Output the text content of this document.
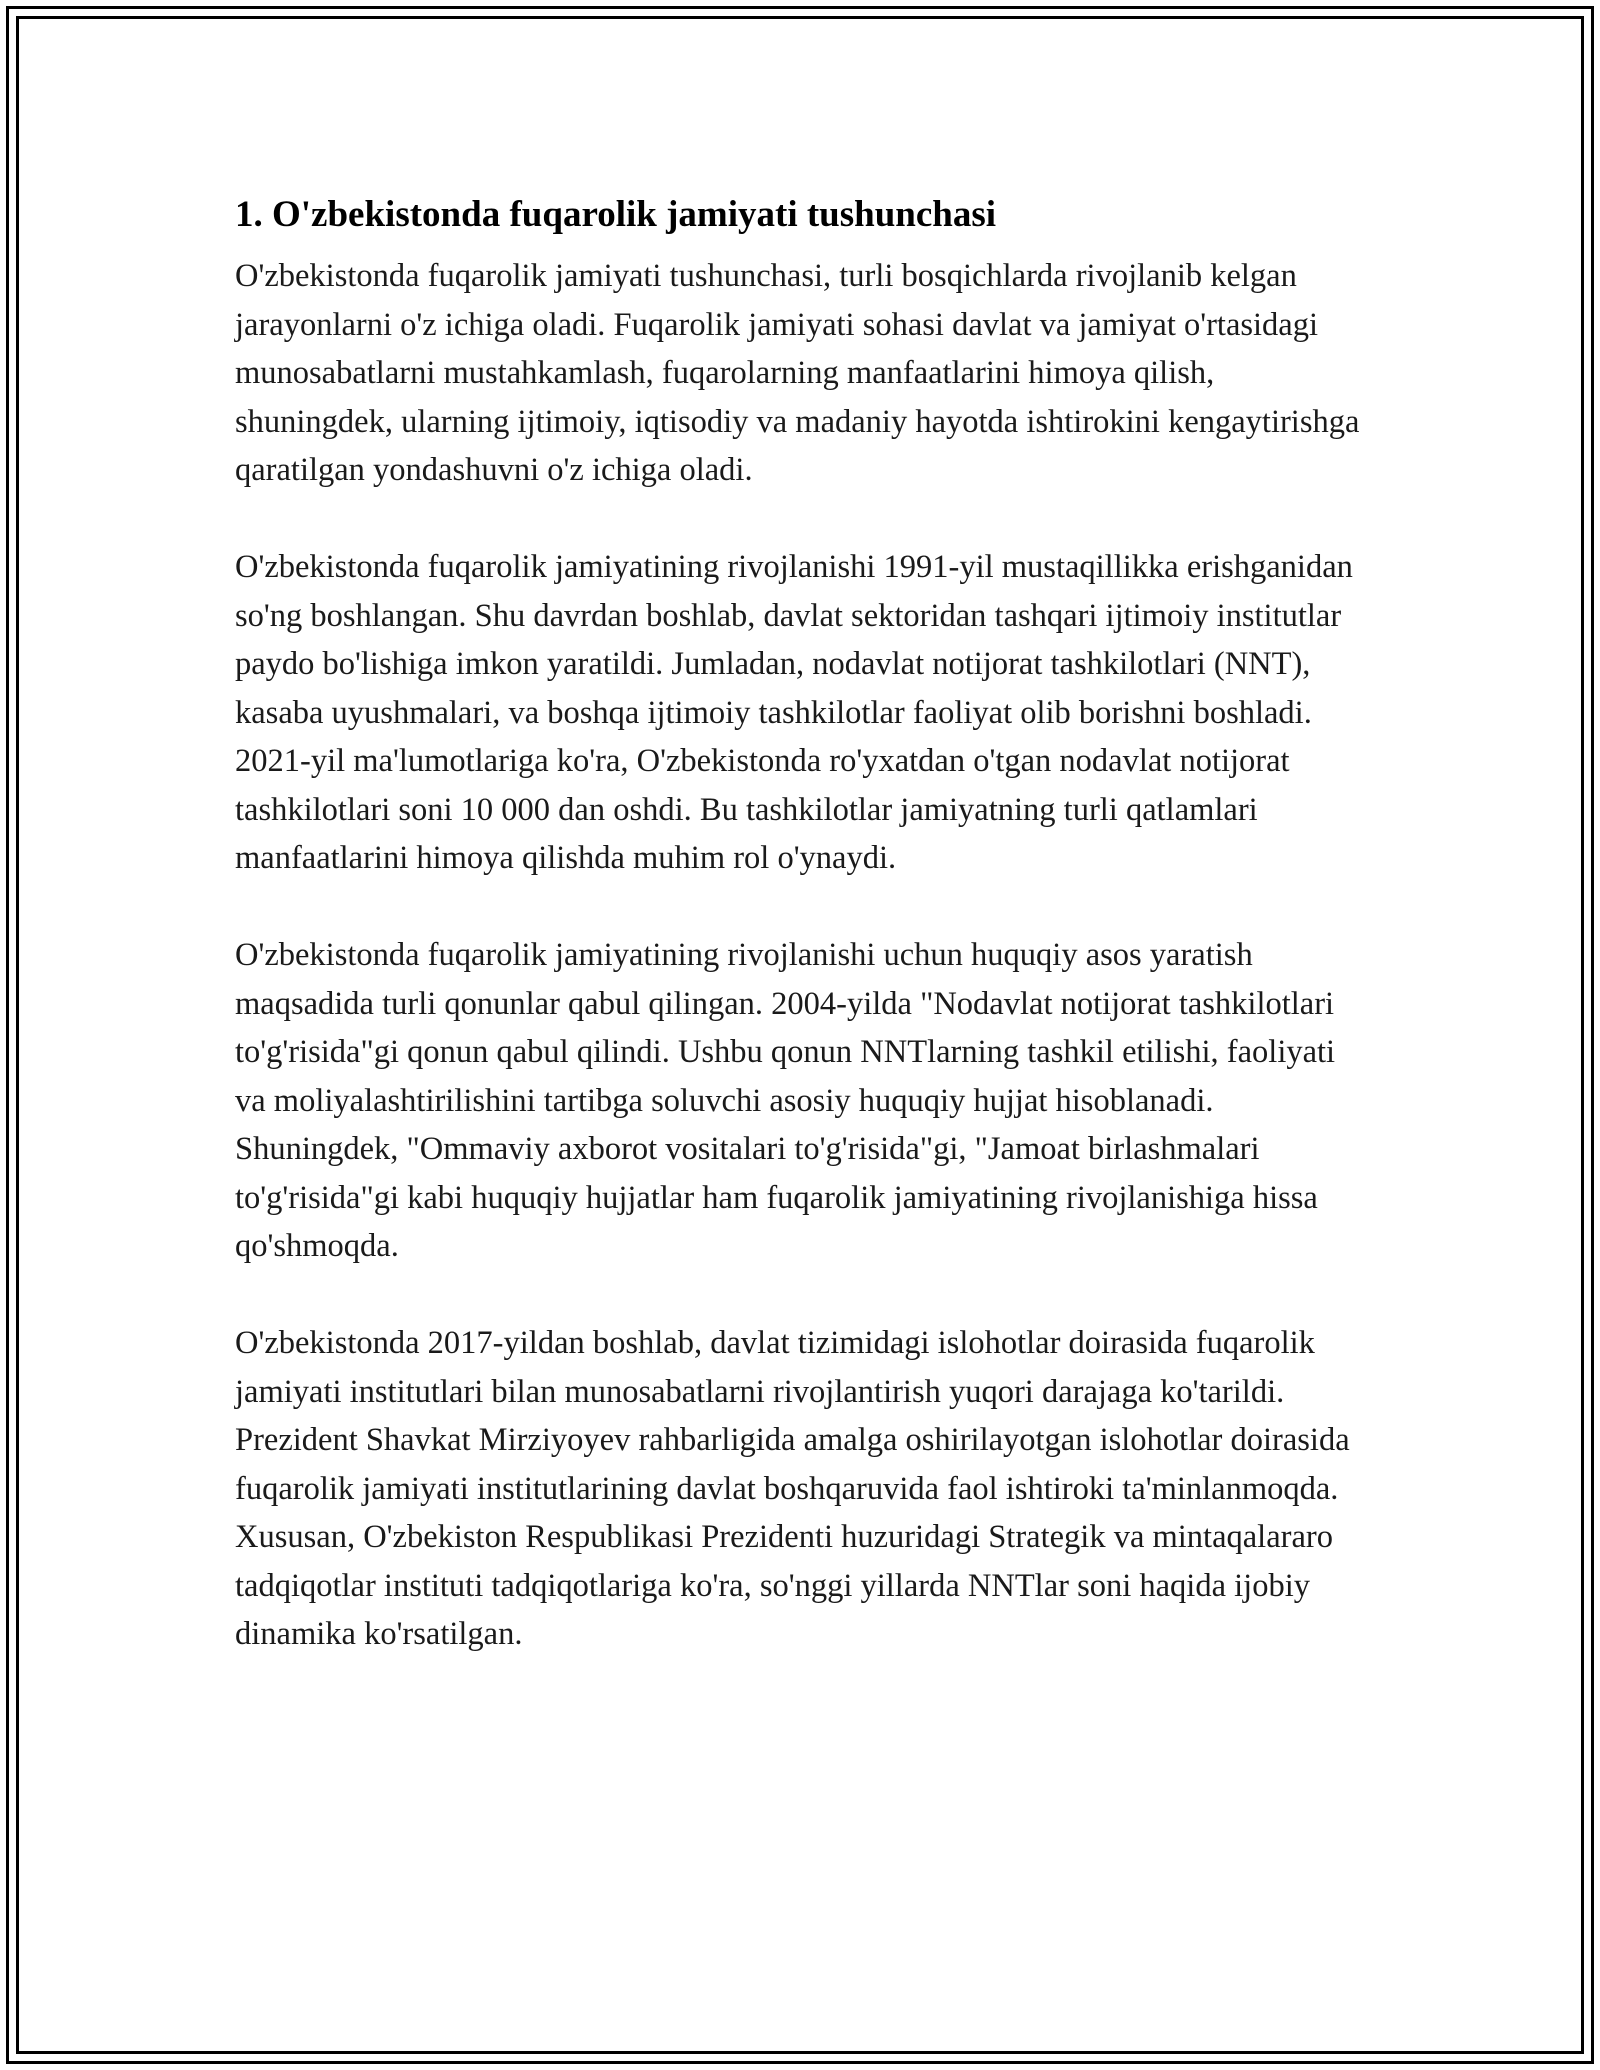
1. O'zbekistonda fuqarolik jamiyati tushunchasi

O'zbekistonda fuqarolik jamiyati tushunchasi, turli bosqichlarda rivojlanib kelgan jarayonlarni o'z ichiga oladi. Fuqarolik jamiyati sohasi davlat va jamiyat o'rtasidagi munosabatlarni mustahkamlash, fuqarolarning manfaatlarini himoya qilish, shuningdek, ularning ijtimoiy, iqtisodiy va madaniy hayotda ishtirokini kengaytirishga qaratilgan yondashuvni o'z ichiga oladi.

O'zbekistonda fuqarolik jamiyatining rivojlanishi 1991-yil mustaqillikka erishganidan so'ng boshlangan. Shu davrdan boshlab, davlat sektoridan tashqari ijtimoiy institutlar paydo bo'lishiga imkon yaratildi. Jumladan, nodavlat notijorat tashkilotlari (NNT), kasaba uyushmalari, va boshqa ijtimoiy tashkilotlar faoliyat olib borishni boshladi. 2021-yil ma'lumotlariga ko'ra, O'zbekistonda ro'yxatdan o'tgan nodavlat notijorat tashkilotlari soni 10 000 dan oshdi. Bu tashkilotlar jamiyatning turli qatlamlari manfaatlarini himoya qilishda muhim rol o'ynaydi.

O'zbekistonda fuqarolik jamiyatining rivojlanishi uchun huquqiy asos yaratish maqsadida turli qonunlar qabul qilingan. 2004-yilda "Nodavlat notijorat tashkilotlari to'g'risida"gi qonun qabul qilindi. Ushbu qonun NNTlarning tashkil etilishi, faoliyati va moliyalashtirilishini tartibga soluvchi asosiy huquqiy hujjat hisoblanadi. Shuningdek, "Ommaviy axborot vositalari to'g'risida"gi, "Jamoat birlashmalari to'g'risida"gi kabi huquqiy hujjatlar ham fuqarolik jamiyatining rivojlanishiga hissa qo'shmoqda.

O'zbekistonda 2017-yildan boshlab, davlat tizimidagi islohotlar doirasida fuqarolik jamiyati institutlari bilan munosabatlarni rivojlantirish yuqori darajaga ko'tarildi. Prezident Shavkat Mirziyoyev rahbarligida amalga oshirilayotgan islohotlar doirasida fuqarolik jamiyati institutlarining davlat boshqaruvida faol ishtiroki ta'minlanmoqda. Xususan, O'zbekiston Respublikasi Prezidenti huzuridagi Strategik va mintaqalararo tadqiqotlar instituti tadqiqotlariga ko'ra, so'nggi yillarda NNTlar soni haqida ijobiy dinamika ko'rsatilgan.
